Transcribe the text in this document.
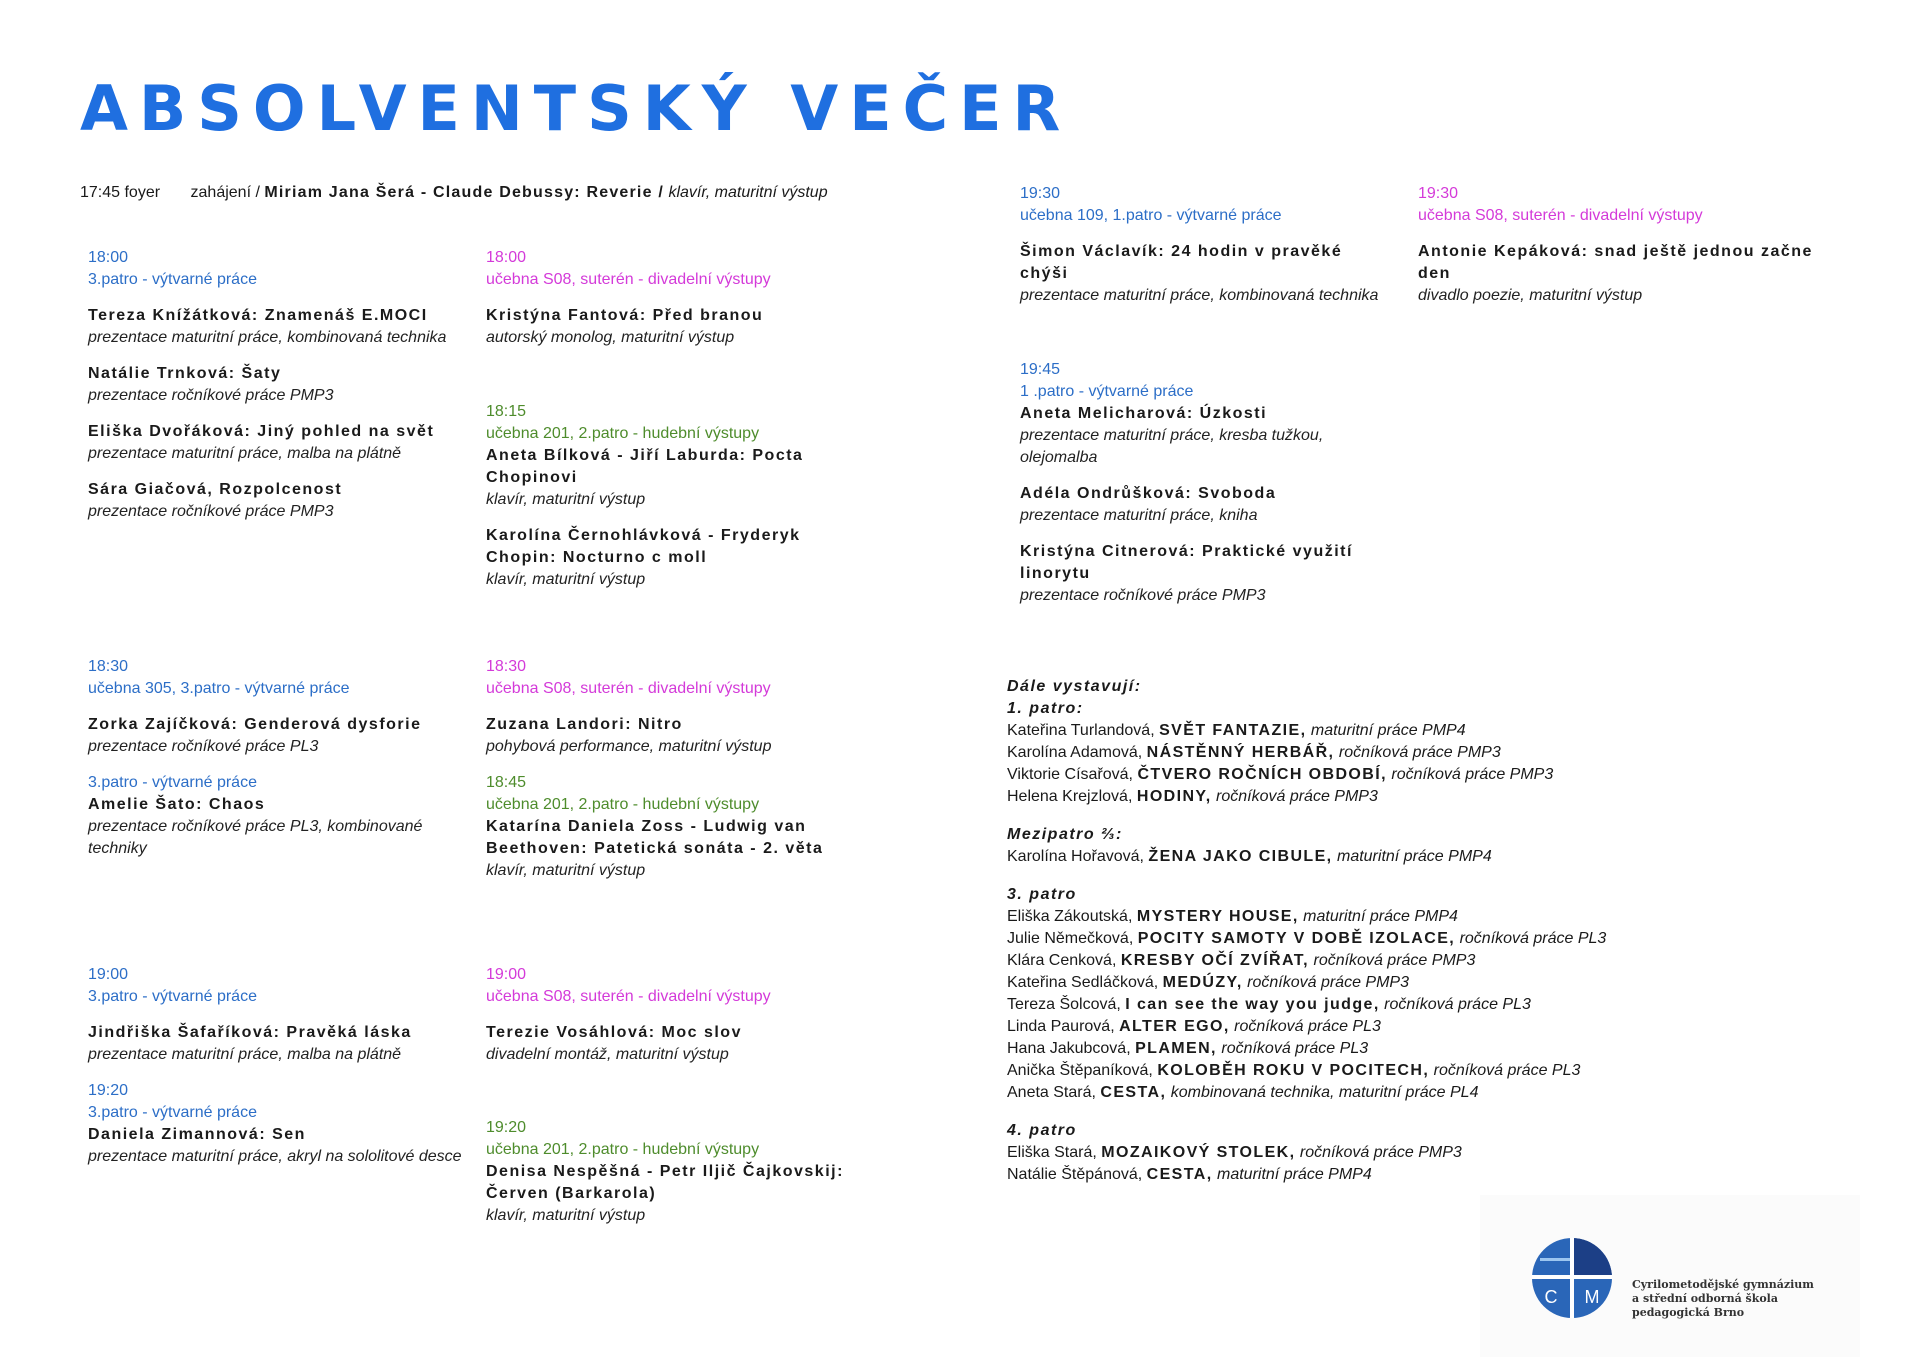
ABSOLVENTSKÝ VEČER
17:45 foyer zahájení / Miriam Jana Šerá - Claude Debussy: Reverie / klavír, maturitní výstup
18:00
3.patro - výtvarné práce
Tereza Knížátková: Znamenáš E.MOCI
prezentace maturitní práce, kombinovaná technika
Natálie Trnková: Šaty
prezentace ročníkové práce PMP3
Eliška Dvořáková: Jiný pohled na svět
prezentace maturitní práce, malba na plátně
Sára Giačová, Rozpolcenost
prezentace ročníkové práce PMP3
18:30
učebna 305, 3.patro - výtvarné práce
Zorka Zajíčková: Genderová dysforie
prezentace ročníkové práce PL3
3.patro - výtvarné práce
Amelie Šato: Chaos
prezentace ročníkové práce PL3, kombinované techniky
19:00
3.patro - výtvarné práce
Jindřiška Šafaříková: Pravěká láska
prezentace maturitní práce, malba na plátně
19:20
3.patro - výtvarné práce
Daniela Zimannová: Sen
prezentace maturitní práce, akryl na sololitové desce
18:00
učebna S08, suterén - divadelní výstupy
Kristýna Fantová: Před branou
autorský monolog, maturitní výstup
18:15
učebna 201, 2.patro - hudební výstupy
Aneta Bílková - Jiří Laburda: Pocta Chopinovi
klavír, maturitní výstup
Karolína Černohlávková - Fryderyk Chopin: Nocturno c moll
klavír, maturitní výstup
18:30
učebna S08, suterén - divadelní výstupy
Zuzana Landori: Nitro
pohybová performance, maturitní výstup
18:45
učebna 201, 2.patro - hudební výstupy
Katarína Daniela Zoss - Ludwig van Beethoven: Patetická sonáta - 2. věta
klavír, maturitní výstup
19:00
učebna S08, suterén - divadelní výstupy
Terezie Vosáhlová: Moc slov
divadelní montáž, maturitní výstup
19:20
učebna 201, 2.patro - hudební výstupy
Denisa Nespěšná - Petr Iljič Čajkovskij: Červen (Barkarola)
klavír, maturitní výstup
19:30
učebna 109, 1.patro - výtvarné práce
Šimon Václavík: 24 hodin v pravěké chýši
prezentace maturitní práce, kombinovaná technika
19:45
1 .patro - výtvarné práce
Aneta Melicharová: Úzkosti
prezentace maturitní práce, kresba tužkou, olejomalba
Adéla Ondrůšková: Svoboda
prezentace maturitní práce, kniha
Kristýna Citnerová: Praktické využití linorytu
prezentace ročníkové práce PMP3
19:30
učebna S08, suterén - divadelní výstupy
Antonie Kepáková: snad ještě jednou začne den
divadlo poezie, maturitní výstup
Dále vystavují:
1. patro:
Kateřina Turlandová, SVĚT FANTAZIE, maturitní práce PMP4
Karolína Adamová, NÁSTĚNNÝ HERBÁŘ, ročníková práce PMP3
Viktorie Císařová, ČTVERO ROČNÍCH OBDOBÍ, ročníková práce PMP3
Helena Krejzlová, HODINY, ročníková práce PMP3
Mezipatro ⅔:
Karolína Hořavová, ŽENA JAKO CIBULE, maturitní práce PMP4
3. patro
Eliška Zákoutská, MYSTERY HOUSE, maturitní práce PMP4
Julie Němečková, POCITY SAMOTY V DOBĚ IZOLACE, ročníková práce PL3
Klára Cenková, KRESBY OČÍ ZVÍŘAT, ročníková práce PMP3
Kateřina Sedláčková, MEDÚZY, ročníková práce PMP3
Tereza Šolcová, I can see the way you judge, ročníková práce PL3
Linda Paurová, ALTER EGO, ročníková práce PL3
Hana Jakubcová, PLAMEN, ročníková práce PL3
Anička Štěpaníková, KOLOBĚH ROKU V POCITECH, ročníková práce PL3
Aneta Stará, CESTA, kombinovaná technika, maturitní práce PL4
4. patro
Eliška Stará, MOZAIKOVÝ STOLEK, ročníková práce PMP3
Natálie Štěpánová, CESTA, maturitní práce PMP4
C M
Cyrilometodějské gymnázium
a střední odborná škola
pedagogická Brno
